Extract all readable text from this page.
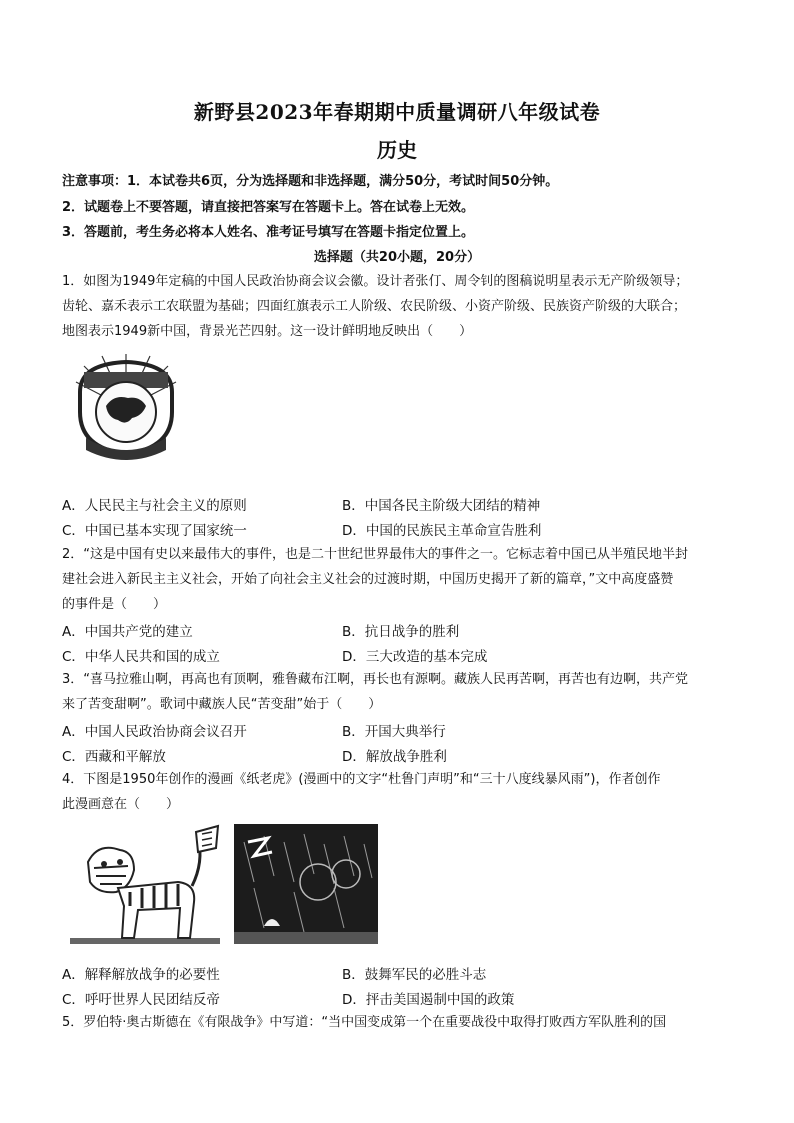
新野县2023年春期期中质量调研八年级试卷
历史
注意事项：1．本试卷共6页，分为选择题和非选择题，满分50分，考试时间50分钟。
2．试题卷上不要答题，请直接把答案写在答题卡上。答在试卷上无效。
3．答题前，考生务必将本人姓名、准考证号填写在答题卡指定位置上。
选择题（共20小题，20分）
1．如图为1949年定稿的中国人民政治协商会议会徽。设计者张仃、周令钊的图稿说明星表示无产阶级领导；
齿轮、嘉禾表示工农联盟为基础；四面红旗表示工人阶级、农民阶级、小资产阶级、民族资产阶级的大联合；
地图表示1949新中国，背景光芒四射。这一设计鲜明地反映出（　　）
A．人民民主与社会主义的原则	B．中国各民主阶级大团结的精神
C．中国已基本实现了国家统一	D．中国的民族民主革命宣告胜利
2．“这是中国有史以来最伟大的事件，也是二十世纪世界最伟大的事件之一。它标志着中国已从半殖民地半封
建社会进入新民主主义社会，开始了向社会主义社会的过渡时期，中国历史揭开了新的篇章，”文中高度盛赞
的事件是（　　）
A．中国共产党的建立	B．抗日战争的胜利
C．中华人民共和国的成立	D．三大改造的基本完成
3．“喜马拉雅山啊，再高也有顶啊，雅鲁藏布江啊，再长也有源啊。藏族人民再苦啊，再苦也有边啊，共产党
来了苦变甜啊”。歌词中藏族人民“苦变甜”始于（　　）
A．中国人民政治协商会议召开	B．开国大典举行
C．西藏和平解放	D．解放战争胜利
4．下图是1950年创作的漫画《纸老虎》(漫画中的文字“杜鲁门声明”和“三十八度线暴风雨”)，作者创作
此漫画意在（　　）
A．解释解放战争的必要性	B．鼓舞军民的必胜斗志
C．呼吁世界人民团结反帝	D．抨击美国遏制中国的政策
5．罗伯特·奥古斯德在《有限战争》中写道：“当中国变成第一个在重要战役中取得打败西方军队胜利的国
